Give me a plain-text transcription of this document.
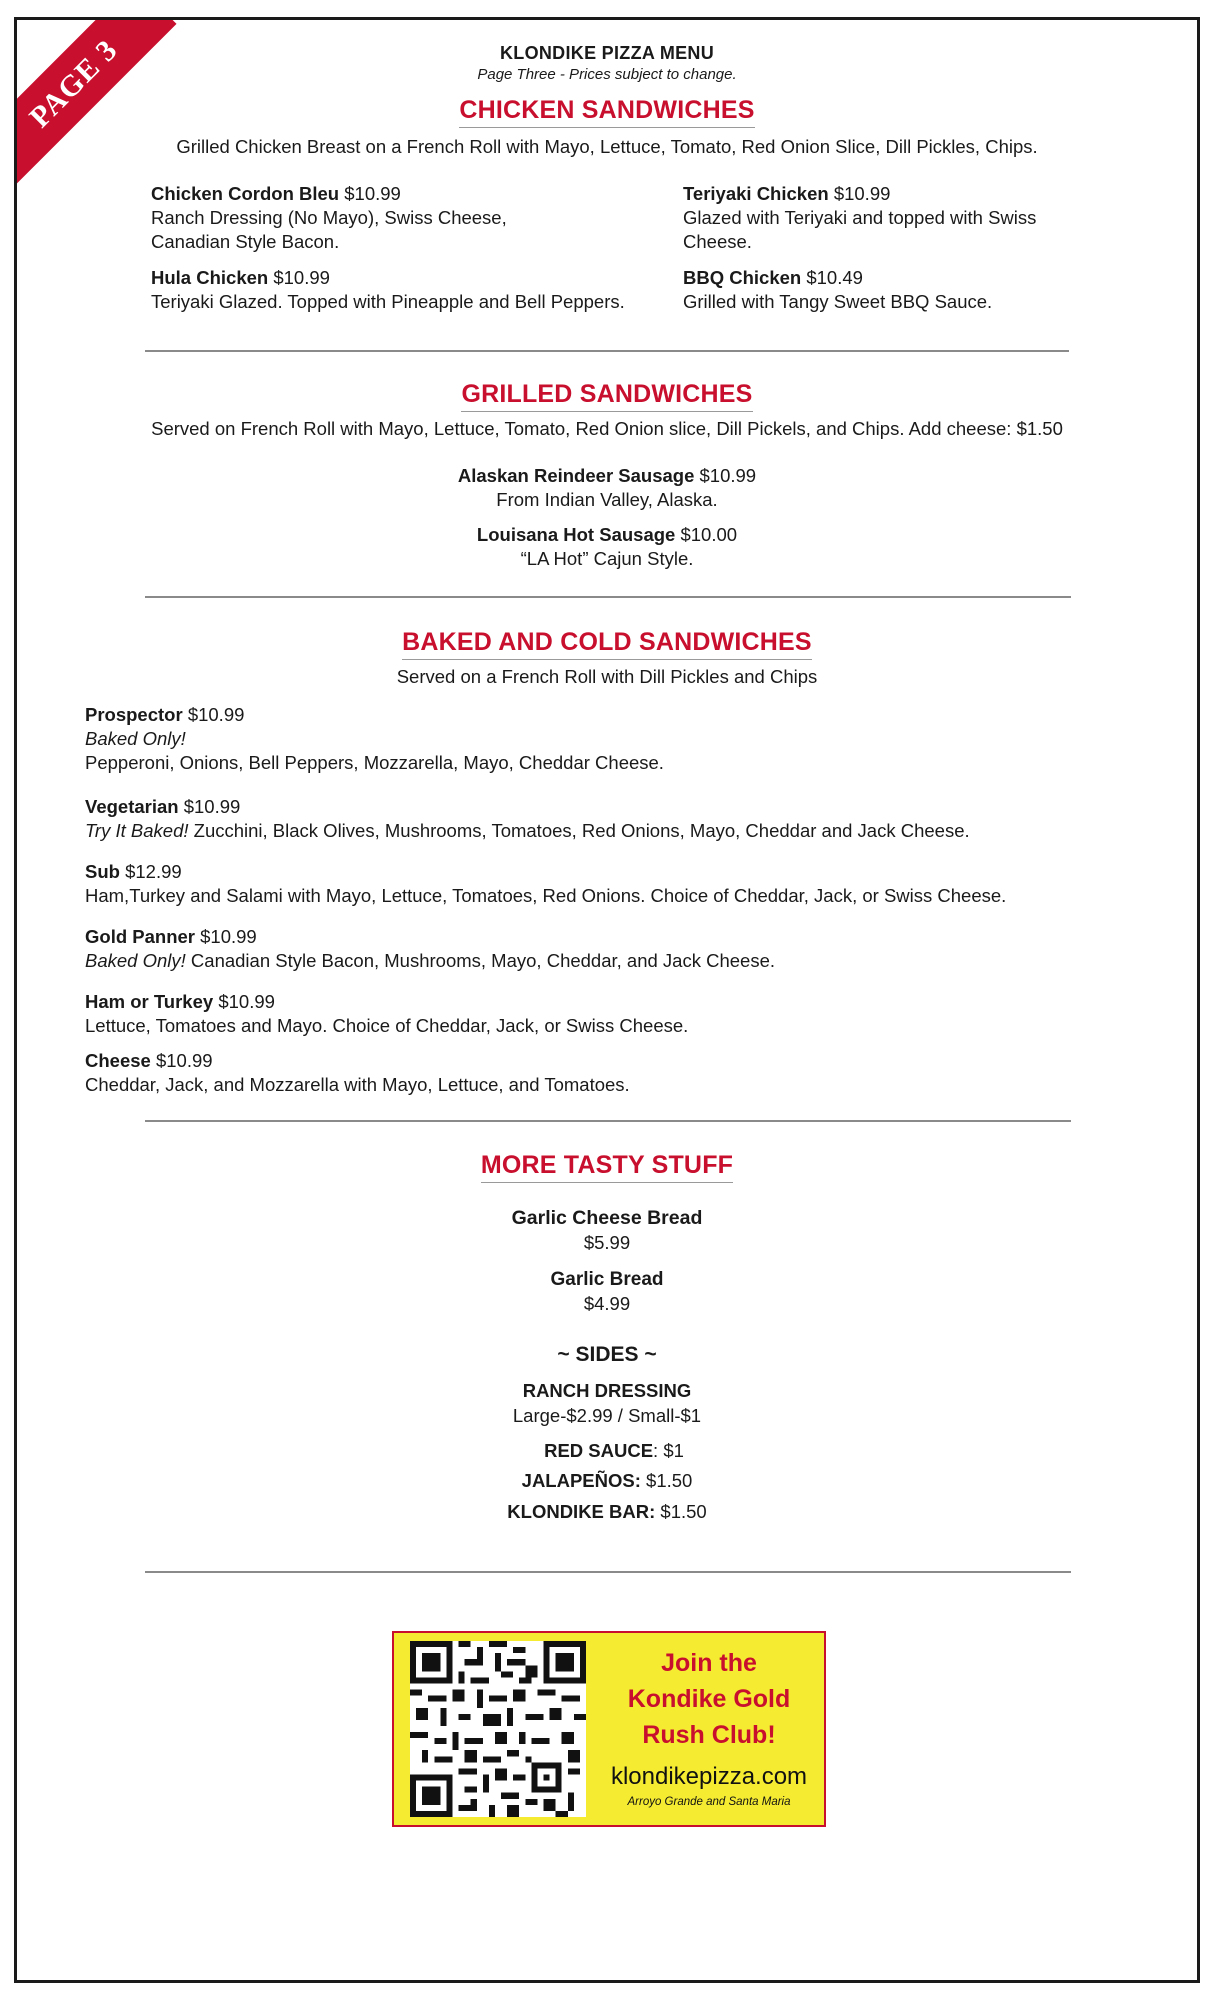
PAGE 3	KLONDIKE PIZZA MENU
Page Three - Prices subject to change.
CHICKEN SANDWICHES
Grilled Chicken Breast on a French Roll with Mayo, Lettuce, Tomato, Red Onion Slice, Dill Pickles, Chips.
Chicken Cordon Bleu $10.99
Ranch Dressing (No Mayo), Swiss Cheese,
Canadian Style Bacon.
Teriyaki Chicken $10.99
Glazed with Teriyaki and topped with Swiss
Cheese.
Hula Chicken $10.99
Teriyaki Glazed. Topped with Pineapple and Bell Peppers.
BBQ Chicken $10.49
Grilled with Tangy Sweet BBQ Sauce.
GRILLED SANDWICHES
Served on French Roll with Mayo, Lettuce, Tomato, Red Onion slice, Dill Pickels, and Chips. Add cheese: $1.50
Alaskan Reindeer Sausage $10.99
From Indian Valley, Alaska.
Louisana Hot Sausage $10.00
“LA Hot” Cajun Style.
BAKED AND COLD SANDWICHES
Served on a French Roll with Dill Pickles and Chips
Prospector $10.99
Baked Only!
Pepperoni, Onions, Bell Peppers, Mozzarella, Mayo, Cheddar Cheese.
Vegetarian $10.99
Try It Baked! Zucchini, Black Olives, Mushrooms, Tomatoes, Red Onions, Mayo, Cheddar and Jack Cheese.
Sub $12.99
Ham,Turkey and Salami with Mayo, Lettuce, Tomatoes, Red Onions. Choice of Cheddar, Jack, or Swiss Cheese.
Gold Panner $10.99
Baked Only! Canadian Style Bacon, Mushrooms, Mayo, Cheddar, and Jack Cheese.
Ham or Turkey $10.99
Lettuce, Tomatoes and Mayo. Choice of Cheddar, Jack, or Swiss Cheese.
Cheese $10.99
Cheddar, Jack, and Mozzarella with Mayo, Lettuce, and Tomatoes.
MORE TASTY STUFF
Garlic Cheese Bread
$5.99
Garlic Bread
$4.99
~ SIDES ~
RANCH DRESSING
Large-$2.99 / Small-$1
RED SAUCE: $1
JALAPEÑOS: $1.50
KLONDIKE BAR: $1.50
Join the
Kondike Gold
Rush Club!
klondikepizza.com
Arroyo Grande and Santa Maria
